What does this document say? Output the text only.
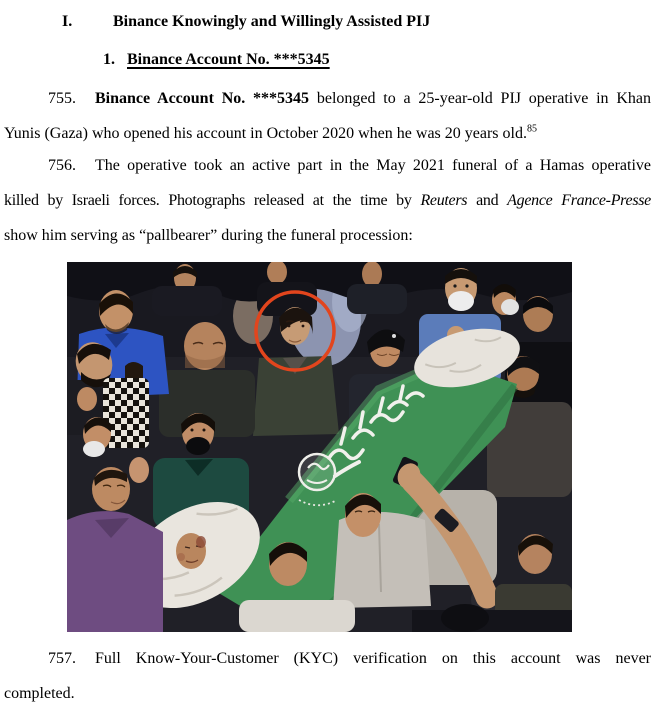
I.	Binance Knowingly and Willingly Assisted PIJ
1. Binance Account No. ***5345
755. Binance Account No. ***5345 belonged to a 25-year-old PIJ operative in Khan
Yunis (Gaza) who opened his account in October 2020 when he was 20 years old.$^{85}$
756. The operative took an active part in the May 2021 funeral of a Hamas operative
killed by Israeli forces. Photographs released at the time by Reuters and Agence France-Presse
show him serving as “pallbearer” during the funeral procession:
757. Full Know-Your-Customer (KYC) verification on this account was never
completed.
